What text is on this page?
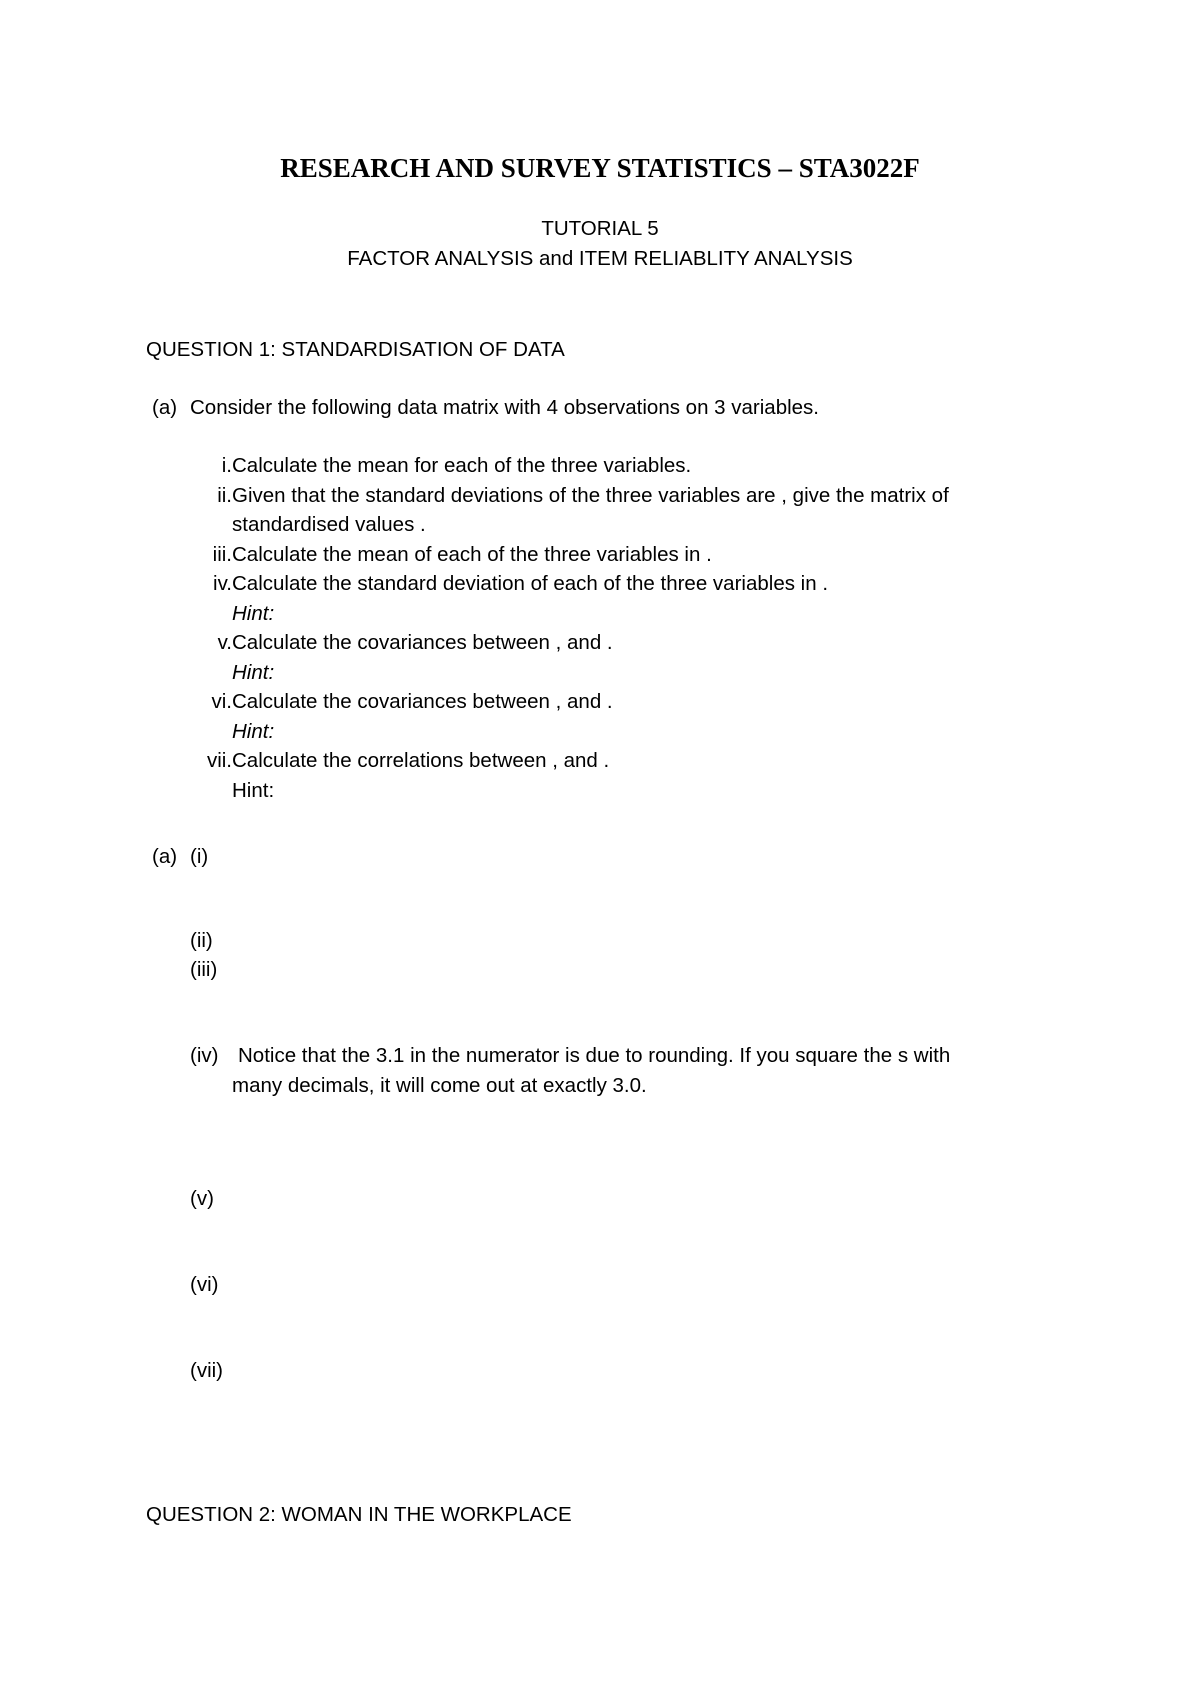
RESEARCH AND SURVEY STATISTICS – STA3022F
TUTORIAL 5
FACTOR ANALYSIS and ITEM RELIABLITY ANALYSIS
QUESTION 1: STANDARDISATION OF DATA
(a) Consider the following data matrix with 4 observations on 3 variables.
i. Calculate the mean for each of the three variables.
ii. Given that the standard deviations of the three variables are , give the matrix of
standardised values .
iii. Calculate the mean of each of the three variables in .
iv. Calculate the standard deviation of each of the three variables in .
Hint:
v. Calculate the covariances between , and .
Hint:
vi. Calculate the covariances between , and .
Hint:
vii. Calculate the correlations between , and .
Hint:
(a) (i)
(ii)
(iii)
(iv) Notice that the 3.1 in the numerator is due to rounding. If you square the s with
many decimals, it will come out at exactly 3.0.
(v)
(vi)
(vii)
QUESTION 2: WOMAN IN THE WORKPLACE
